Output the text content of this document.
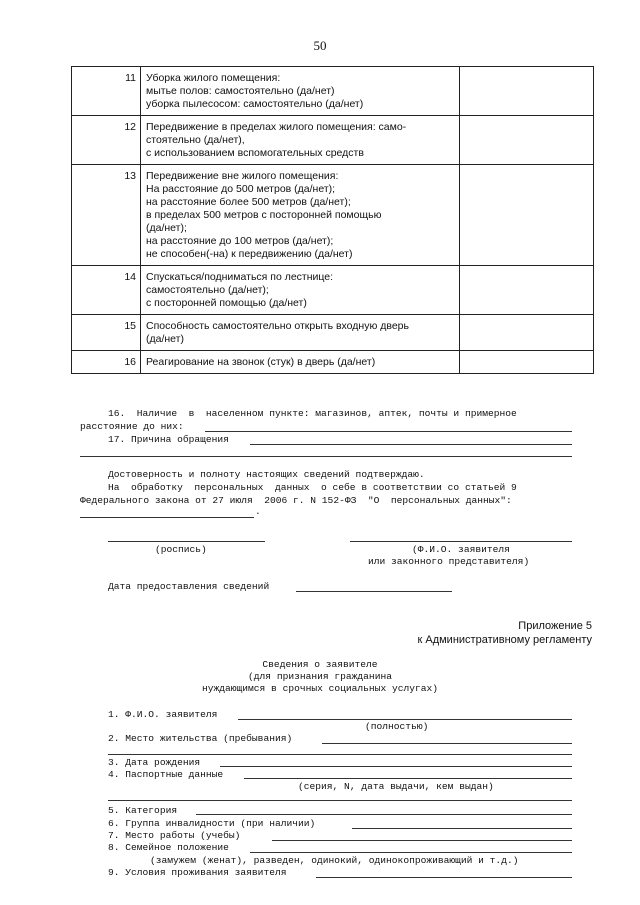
50
11 Уборка жилого помещения:
мытье полов: самостоятельно (да/нет)
уборка пылесосом: самостоятельно (да/нет)
12 Передвижение в пределах жилого помещения: само-
стоятельно (да/нет),
с использованием вспомогательных средств
13 Передвижение вне жилого помещения:
На расстояние до 500 метров (да/нет);
на расстояние более 500 метров (да/нет);
в пределах 500 метров с посторонней помощью
(да/нет);
на расстояние до 100 метров (да/нет);
не способен(-на) к передвижению (да/нет)
14 Спускаться/подниматься по лестнице:
самостоятельно (да/нет);
с посторонней помощью (да/нет)
15 Способность самостоятельно открыть входную дверь
(да/нет)
16 Реагирование на звонок (стук) в дверь (да/нет)
16.  Наличие  в  населенном пункте: магазинов, аптек, почты и примерное
расстояние до них:
17. Причина обращения
Достоверность и полноту настоящих сведений подтверждаю.
На  обработку  персональных  данных  о себе в соответствии со статьей 9
Федерального закона от 27 июля  2006 г. N 152-ФЗ  "О  персональных данных":
.
(роспись)	(Ф.И.О. заявителя
или законного представителя)
Дата предоставления сведений
Приложение 5
к Административному регламенту
Сведения о заявителе
(для признания гражданина
нуждающимся в срочных социальных услугах)
1. Ф.И.О. заявителя
(полностью)
2. Место жительства (пребывания)
3. Дата рождения
4. Паспортные данные
(серия, N, дата выдачи, кем выдан)
5. Категория
6. Группа инвалидности (при наличии)
7. Место работы (учебы)
8. Семейное положение
(замужем (женат), разведен, одинокий, одинокопроживающий и т.д.)
9. Условия проживания заявителя
